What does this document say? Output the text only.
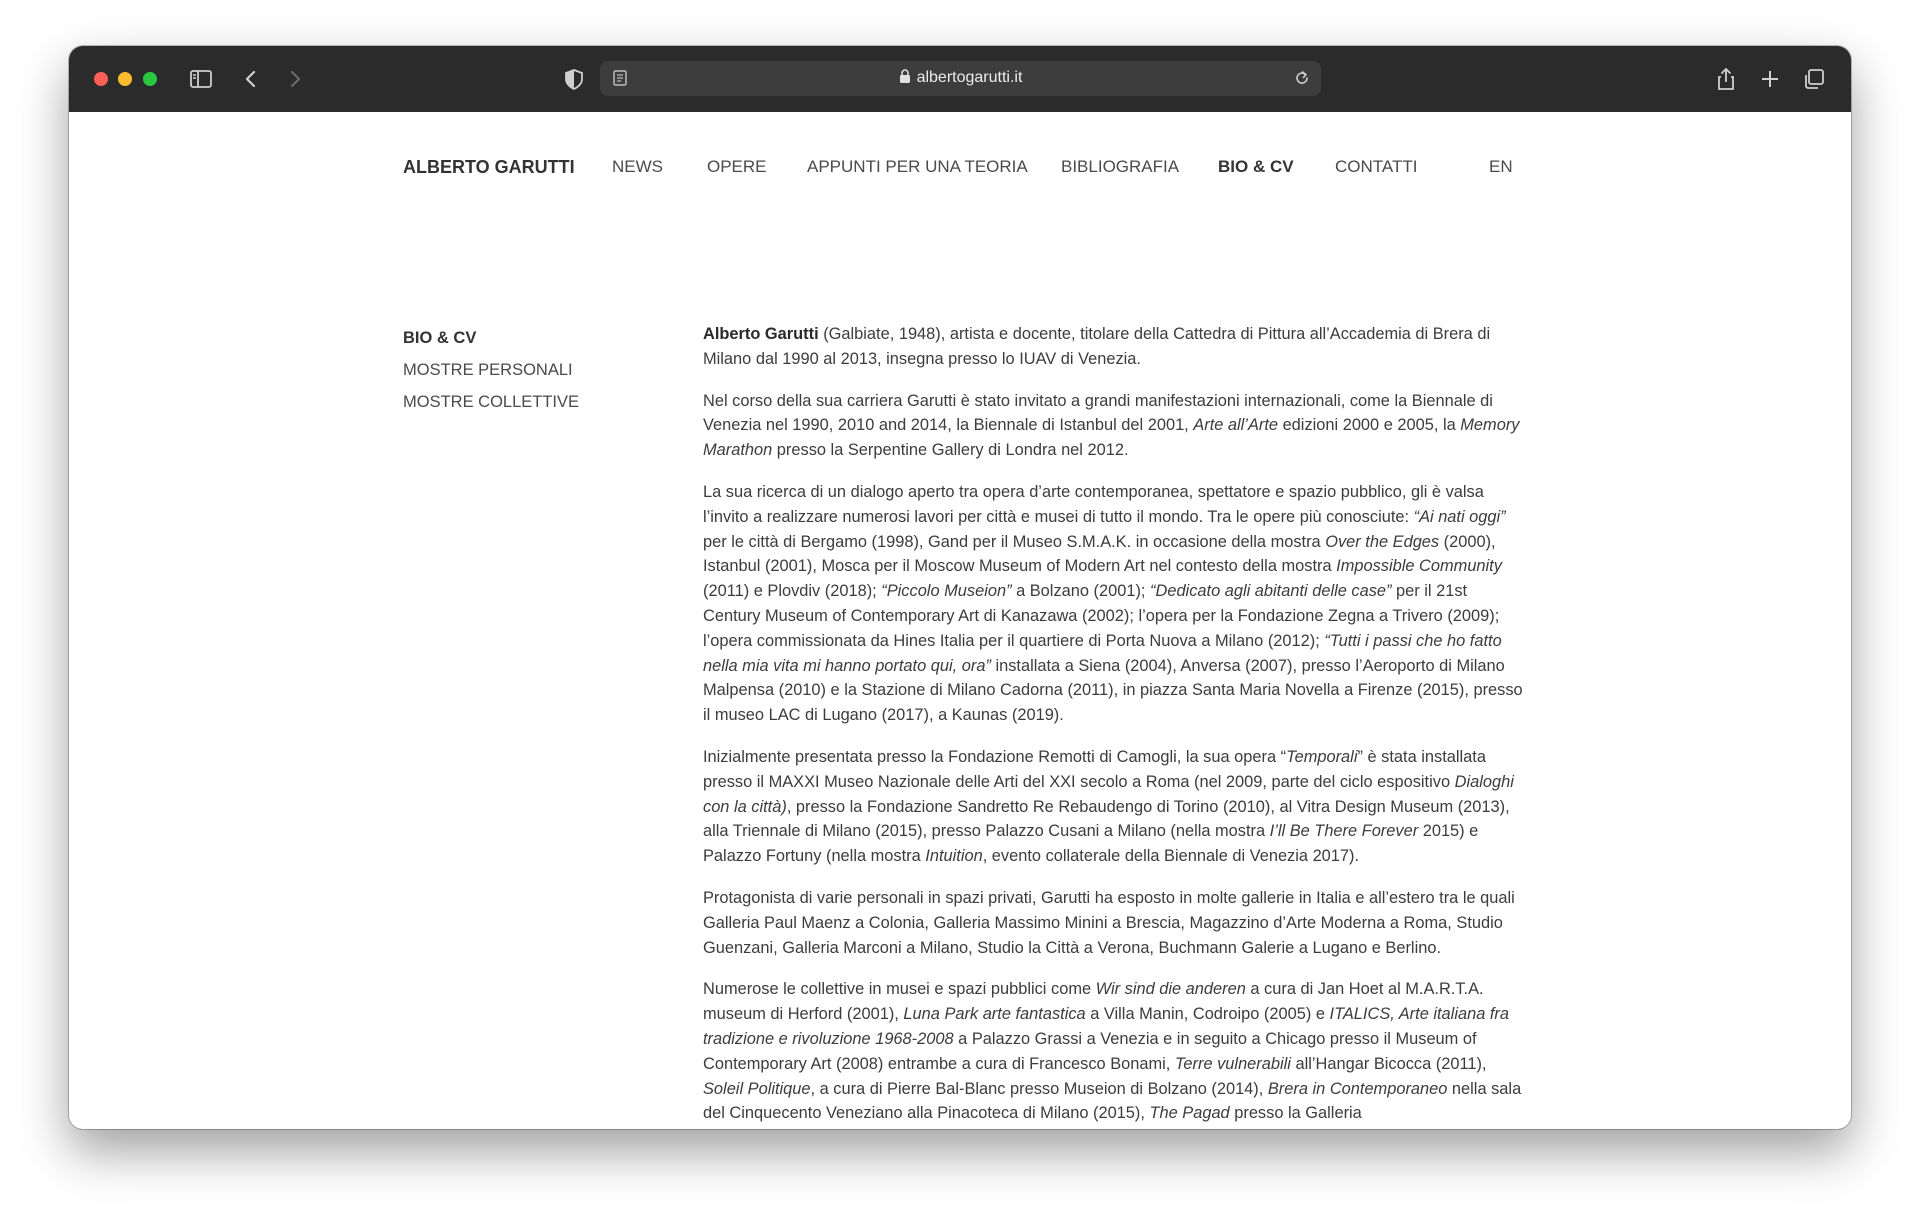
albertogarutti.it
ALBERTO GARUTTI NEWS	OPERE APPUNTI PER UNA TEORIA BIBLIOGRAFIA BIO & CV CONTATTI	EN
BIO & CV
MOSTRE PERSONALI
MOSTRE COLLETTIVE

Alberto Garutti (Galbiate, 1948), artista e docente, titolare della Cattedra di Pittura all’Accademia di Brera di Milano dal 1990 al 2013, insegna presso lo IUAV di Venezia.

Nel corso della sua carriera Garutti è stato invitato a grandi manifestazioni internazionali, come la Biennale di Venezia nel 1990, 2010 and 2014, la Biennale di Istanbul del 2001, Arte all’Arte edizioni 2000 e 2005, la Memory Marathon presso la Serpentine Gallery di Londra nel 2012.

La sua ricerca di un dialogo aperto tra opera d’arte contemporanea, spettatore e spazio pubblico, gli è valsa l’invito a realizzare numerosi lavori per città e musei di tutto il mondo. Tra le opere più conosciute: “Ai nati oggi” per le città di Bergamo (1998), Gand per il Museo S.M.A.K. in occasione della mostra Over the Edges (2000), Istanbul (2001), Mosca per il Moscow Museum of Modern Art nel contesto della mostra Impossible Community (2011) e Plovdiv (2018); “Piccolo Museion” a Bolzano (2001); “Dedicato agli abitanti delle case” per il 21st Century Museum of Contemporary Art di Kanazawa (2002); l’opera per la Fondazione Zegna a Trivero (2009); l’opera commissionata da Hines Italia per il quartiere di Porta Nuova a Milano (2012); “Tutti i passi che ho fatto nella mia vita mi hanno portato qui, ora” installata a Siena (2004), Anversa (2007), presso l’Aeroporto di Milano Malpensa (2010) e la Stazione di Milano Cadorna (2011), in piazza Santa Maria Novella a Firenze (2015), presso il museo LAC di Lugano (2017), a Kaunas (2019).

Inizialmente presentata presso la Fondazione Remotti di Camogli, la sua opera “Temporali” è stata installata presso il MAXXI Museo Nazionale delle Arti del XXI secolo a Roma (nel 2009, parte del ciclo espositivo Dialoghi con la città), presso la Fondazione Sandretto Re Rebaudengo di Torino (2010), al Vitra Design Museum (2013), alla Triennale di Milano (2015), presso Palazzo Cusani a Milano (nella mostra I’ll Be There Forever 2015) e Palazzo Fortuny (nella mostra Intuition, evento collaterale della Biennale di Venezia 2017).

Protagonista di varie personali in spazi privati, Garutti ha esposto in molte gallerie in Italia e all’estero tra le quali Galleria Paul Maenz a Colonia, Galleria Massimo Minini a Brescia, Magazzino d’Arte Moderna a Roma, Studio Guenzani, Galleria Marconi a Milano, Studio la Città a Verona, Buchmann Galerie a Lugano e Berlino.

Numerose le collettive in musei e spazi pubblici come Wir sind die anderen a cura di Jan Hoet al M.A.R.T.A. museum di Herford (2001), Luna Park arte fantastica a Villa Manin, Codroipo (2005) e ITALICS, Arte italiana fra tradizione e rivoluzione 1968-2008 a Palazzo Grassi a Venezia e in seguito a Chicago presso il Museum of Contemporary Art (2008) entrambe a cura di Francesco Bonami, Terre vulnerabili all’Hangar Bicocca (2011), Soleil Politique, a cura di Pierre Bal-Blanc presso Museion di Bolzano (2014), Brera in Contemporaneo nella sala del Cinquecento Veneziano alla Pinacoteca di Milano (2015), The Pagad presso la Galleria
